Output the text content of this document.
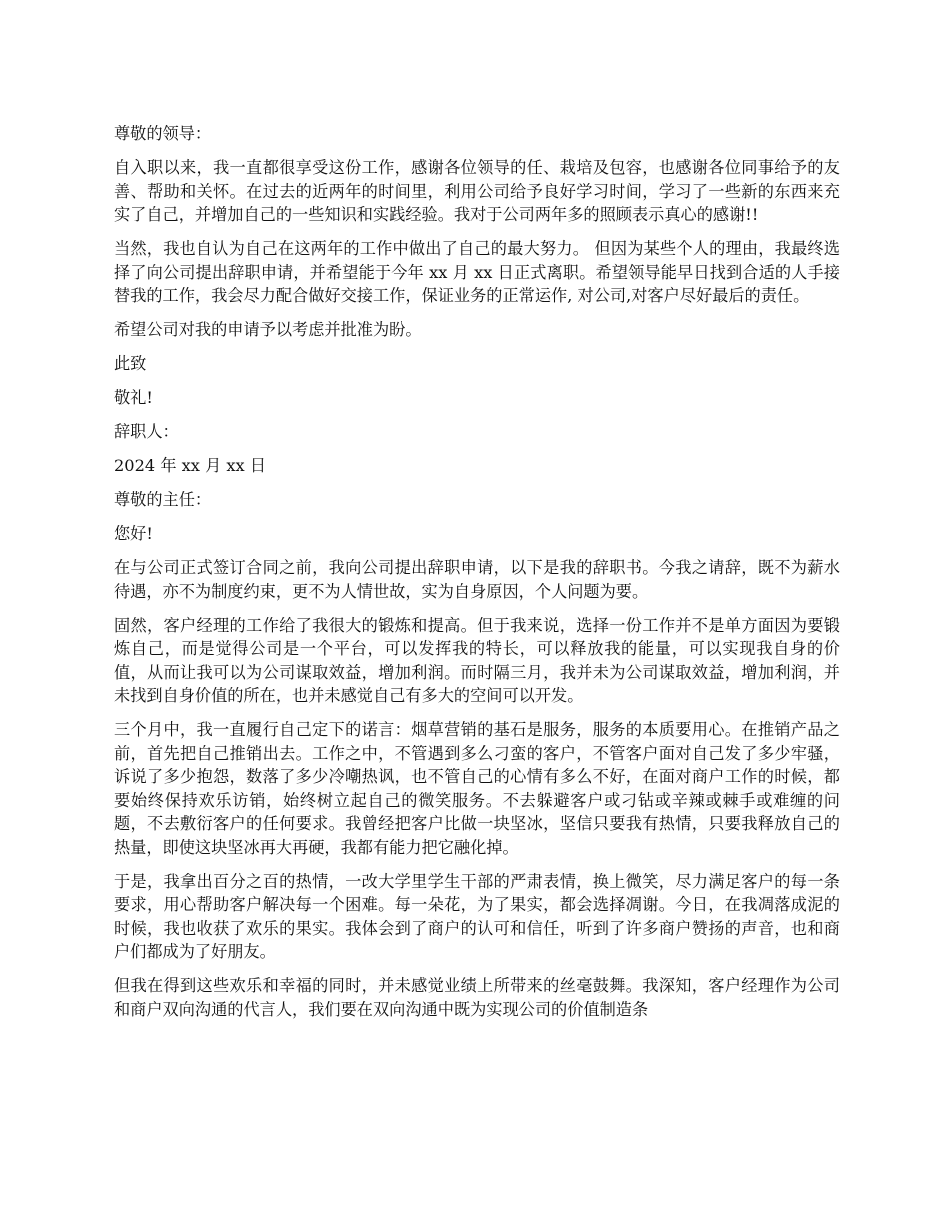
尊敬的领导：

自入职以来，我一直都很享受这份工作，感谢各位领导的任、栽培及包容，也感谢各位同事给予的友善、帮助和关怀。在过去的近两年的时间里，利用公司给予良好学习时间，学习了一些新的东西来充实了自己，并增加自己的一些知识和实践经验。我对于公司两年多的照顾表示真心的感谢!!

当然，我也自认为自己在这两年的工作中做出了自己的最大努力。 但因为某些个人的理由，我最终选择了向公司提出辞职申请，并希望能于今年 xx 月 xx 日正式离职。希望领导能早日找到合适的人手接替我的工作，我会尽力配合做好交接工作，保证业务的正常运作, 对公司,对客户尽好最后的责任。

希望公司对我的申请予以考虑并批准为盼。

此致

敬礼!

辞职人：

2024 年 xx 月 xx 日

尊敬的主任：

您好!

在与公司正式签订合同之前，我向公司提出辞职申请，以下是我的辞职书。今我之请辞，既不为薪水待遇，亦不为制度约束，更不为人情世故，实为自身原因，个人问题为要。

固然，客户经理的工作给了我很大的锻炼和提高。但于我来说，选择一份工作并不是单方面因为要锻炼自己，而是觉得公司是一个平台，可以发挥我的特长，可以释放我的能量，可以实现我自身的价值，从而让我可以为公司谋取效益，增加利润。而时隔三月，我并未为公司谋取效益，增加利润，并未找到自身价值的所在，也并未感觉自己有多大的空间可以开发。

三个月中，我一直履行自己定下的诺言：烟草营销的基石是服务，服务的本质要用心。在推销产品之前，首先把自己推销出去。工作之中，不管遇到多么刁蛮的客户，不管客户面对自己发了多少牢骚，诉说了多少抱怨，数落了多少冷嘲热讽，也不管自己的心情有多么不好，在面对商户工作的时候，都要始终保持欢乐访销，始终树立起自己的微笑服务。不去躲避客户或刁钻或辛辣或棘手或难缠的问题，不去敷衍客户的任何要求。我曾经把客户比做一块坚冰，坚信只要我有热情，只要我释放自己的热量，即使这块坚冰再大再硬，我都有能力把它融化掉。

于是，我拿出百分之百的热情，一改大学里学生干部的严肃表情，换上微笑，尽力满足客户的每一条要求，用心帮助客户解决每一个困难。每一朵花，为了果实，都会选择凋谢。今日，在我凋落成泥的时候，我也收获了欢乐的果实。我体会到了商户的认可和信任，听到了许多商户赞扬的声音，也和商户们都成为了好朋友。

但我在得到这些欢乐和幸福的同时，并未感觉业绩上所带来的丝毫鼓舞。我深知，客户经理作为公司和商户双向沟通的代言人，我们要在双向沟通中既为实现公司的价值制造条
